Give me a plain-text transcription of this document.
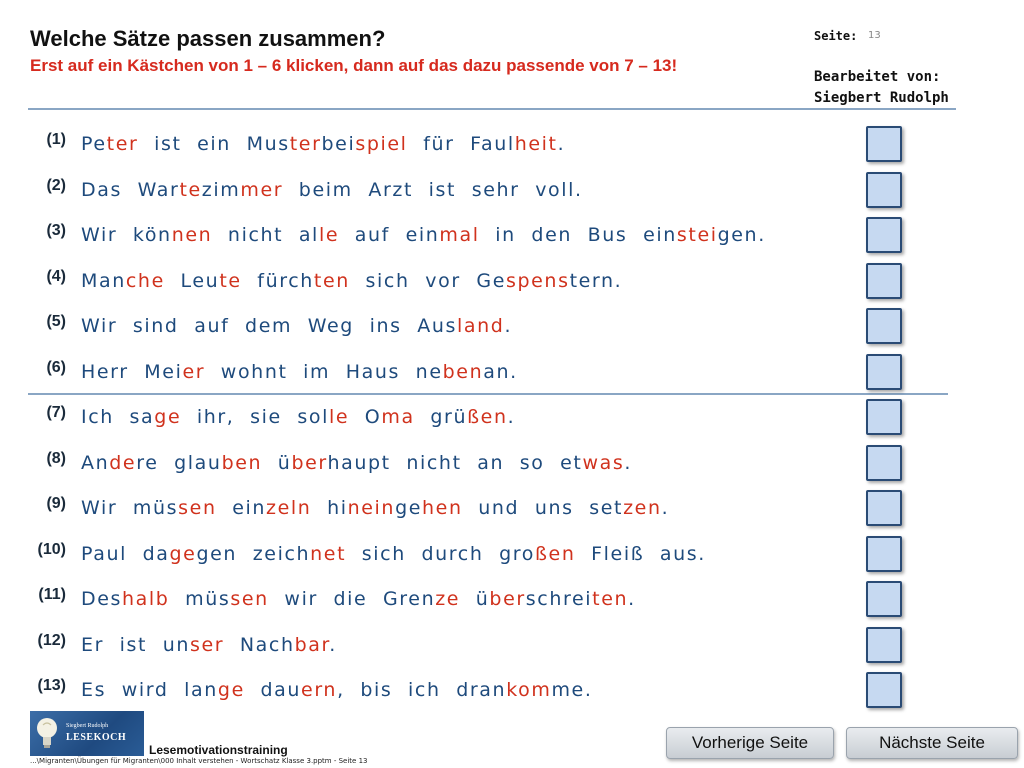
Welche Sätze passen zusammen?
Erst auf ein Kästchen von 1 – 6 klicken, dann auf das dazu passende von 7 – 13!
Seite: 13
Bearbeitet von:
Siegbert Rudolph
(1) Peter ist ein Musterbeispiel für Faulheit.
(2) Das Wartezimmer beim Arzt ist sehr voll.
(3) Wir können nicht alle auf einmal in den Bus einsteigen.
(4) Manche Leute fürchten sich vor Gespenstern.
(5) Wir sind auf dem Weg ins Ausland.
(6) Herr Meier wohnt im Haus nebenan.
(7) Ich sage ihr, sie solle Oma grüßen.
(8) Andere glauben überhaupt nicht an so etwas.
(9) Wir müssen einzeln hineingehen und uns setzen.
(10) Paul dagegen zeichnet sich durch großen Fleiß aus.
(11) Deshalb müssen wir die Grenze überschreiten.
(12) Er ist unser Nachbar.
(13) Es wird lange dauern, bis ich drankomme.
Siegbert Rudolph
LESEKOCH
Lesemotivationstraining
...\Migranten\Übungen für Migranten\000 Inhalt verstehen - Wortschatz Klasse 3.pptm - Seite 13
Vorherige Seite	Nächste Seite
